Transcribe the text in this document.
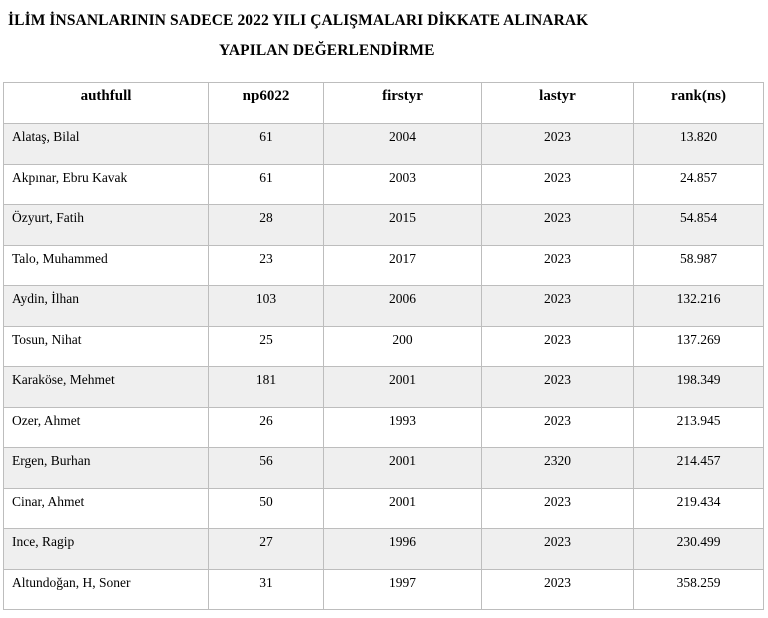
İLİM İNSANLARININ SADECE 2022 YILI ÇALIŞMALARI DİKKATE ALINARAK
YAPILAN DEĞERLENDİRME
authfull	np6022	firstyr	lastyr	rank(ns)
Alataş, Bilal	61	2004	2023	13.820
Akpınar, Ebru Kavak	61	2003	2023	24.857
Özyurt, Fatih	28	2015	2023	54.854
Talo, Muhammed	23	2017	2023	58.987
Aydin, İlhan	103	2006	2023	132.216
Tosun, Nihat	25	200	2023	137.269
Karaköse, Mehmet	181	2001	2023	198.349
Ozer, Ahmet	26	1993	2023	213.945
Ergen, Burhan	56	2001	2320	214.457
Cinar, Ahmet	50	2001	2023	219.434
Ince, Ragip	27	1996	2023	230.499
Altundoğan, H, Soner	31	1997	2023	358.259
